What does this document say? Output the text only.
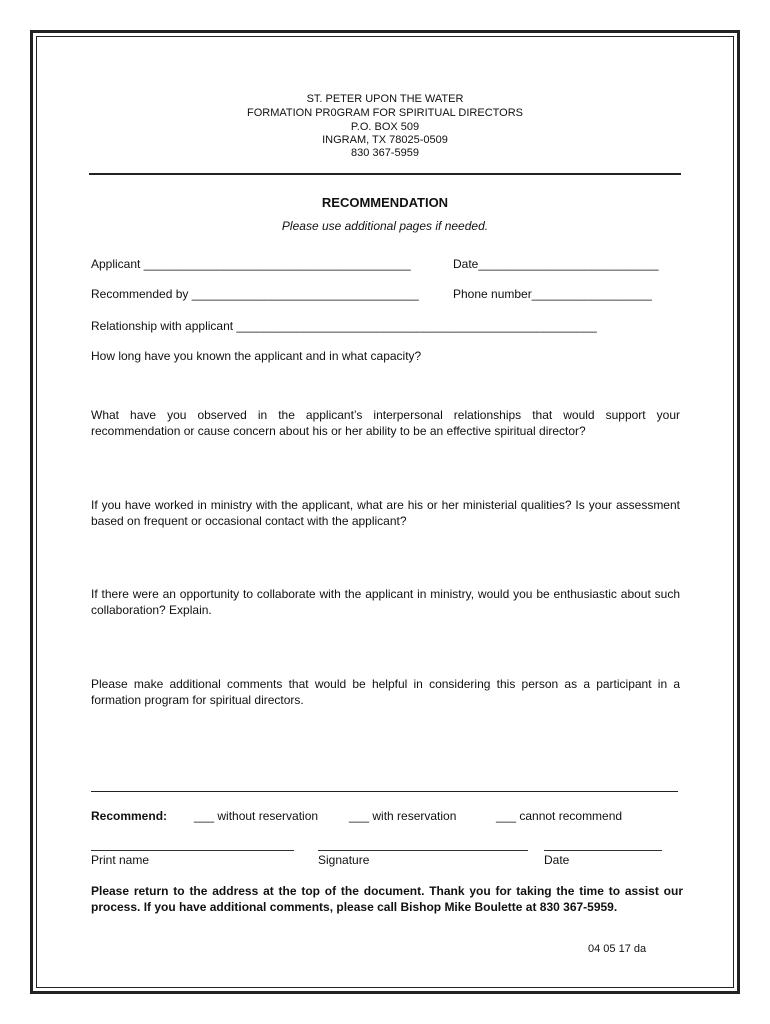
ST. PETER UPON THE WATER
FORMATION PR0GRAM FOR SPIRITUAL DIRECTORS
P.O. BOX 509
INGRAM, TX 78025-0509
830 367-5959
RECOMMENDATION
Please use additional pages if needed.
Applicant ________________________________________	Date___________________________
Recommended by __________________________________	Phone number__________________
Relationship with applicant ______________________________________________________
How long have you known the applicant and in what capacity?
What have you observed in the applicant’s interpersonal relationships that would support your recommendation or cause concern about his or her ability to be an effective spiritual director?
If you have worked in ministry with the applicant, what are his or her ministerial qualities? Is your assessment based on frequent or occasional contact with the applicant?
If there were an opportunity to collaborate with the applicant in ministry, would you be enthusiastic about such collaboration? Explain.
Please make additional comments that would be helpful in considering this person as a participant in a formation program for spiritual directors.
Recommend: ___ without reservation	___ with reservation	___ cannot recommend
Print name	Signature	Date
Please return to the address at the top of the document. Thank you for taking the time to assist our process. If you have additional comments, please call Bishop Mike Boulette at 830 367-5959.
04 05 17 da
